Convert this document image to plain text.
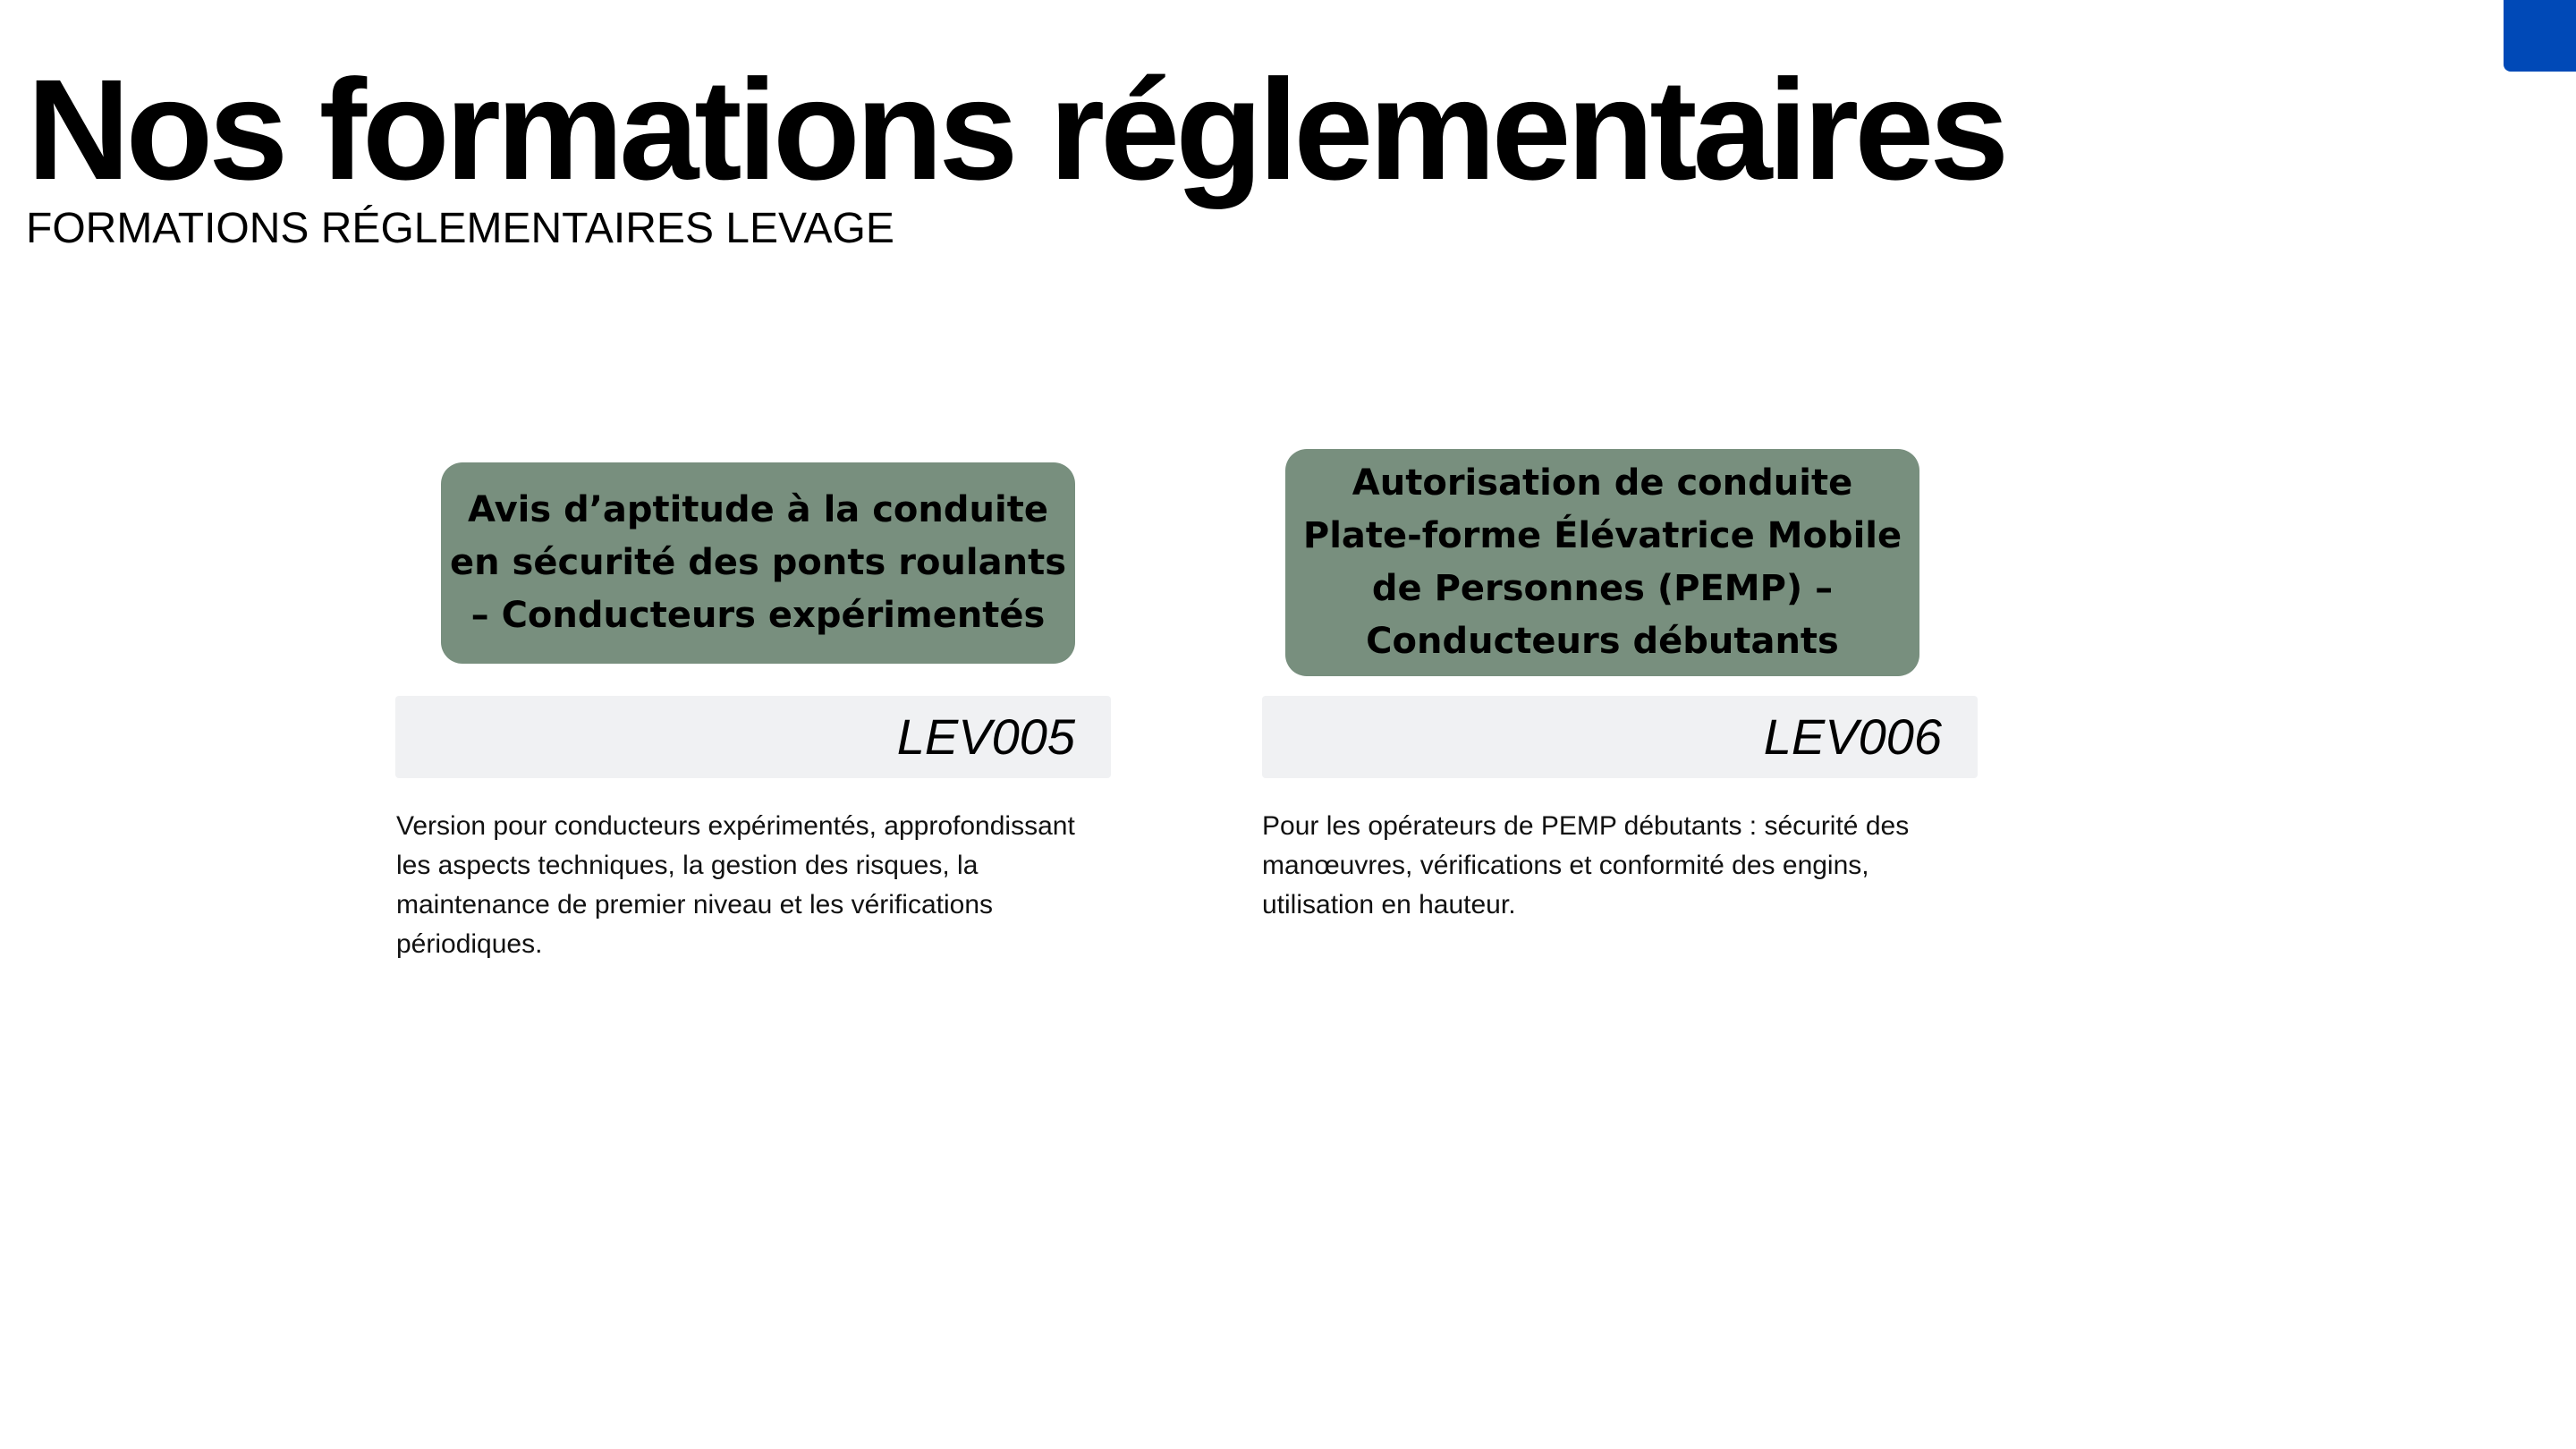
Nos formations réglementaires

FORMATIONS RÉGLEMENTAIRES LEVAGE

Avis d’aptitude à la conduite en sécurité des ponts roulants – Conducteurs expérimentés
LEV005

Version pour conducteurs expérimentés, approfondissant les aspects techniques, la gestion des risques, la maintenance de premier niveau et les vérifications périodiques.

Autorisation de conduite Plate-forme Élévatrice Mobile de Personnes (PEMP) – Conducteurs débutants
LEV006

Pour les opérateurs de PEMP débutants : sécurité des manœuvres, vérifications et conformité des engins, utilisation en hauteur.
